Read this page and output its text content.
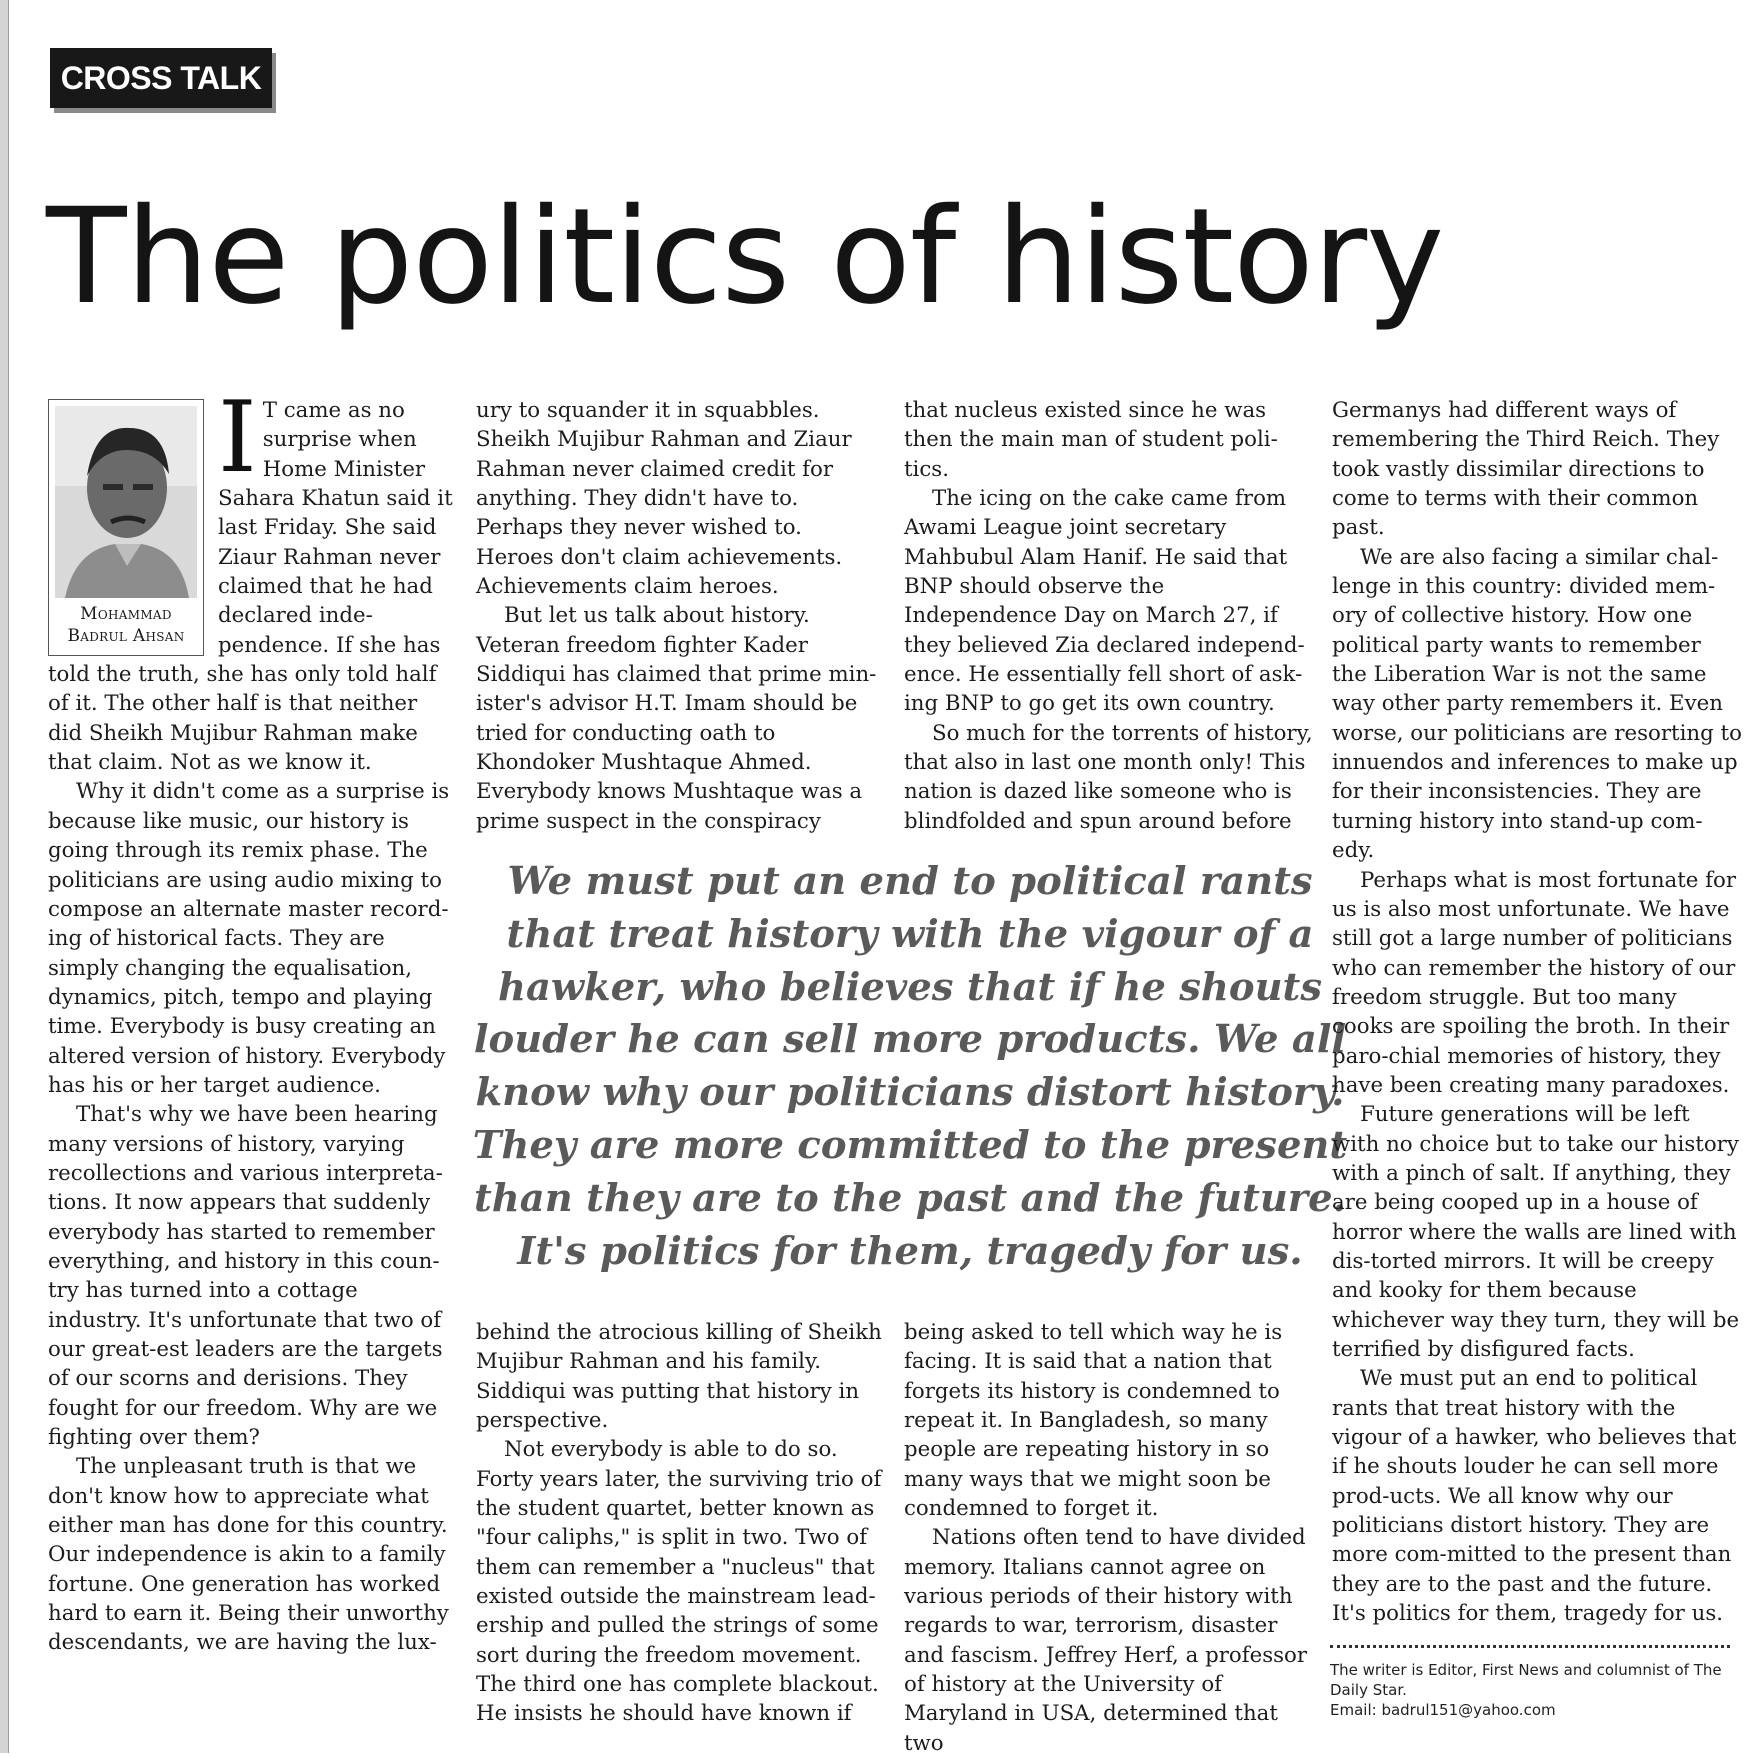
CROSS TALK
The politics of history
Mohammad
Badrul Ahsan
I T came as no surprise when Home Minister Sahara Khatun said it last Friday. She said Ziaur Rahman never claimed that he had declared inde-pendence. If she has told the truth, she has only told half of it. The other half is that neither did Sheikh Mujibur Rahman make that claim. Not as we know it.

Why it didn't come as a surprise is because like music, our history is going through its remix phase. The politicians are using audio mixing to compose an alternate master record-ing of historical facts. They are simply changing the equalisation, dynamics, pitch, tempo and playing time. Everybody is busy creating an altered version of history. Everybody has his or her target audience.

That's why we have been hearing many versions of history, varying recollections and various interpreta-tions. It now appears that suddenly everybody has started to remember everything, and history in this coun-try has turned into a cottage industry. It's unfortunate that two of our great-est leaders are the targets of our scorns and derisions. They fought for our freedom. Why are we fighting over them?

The unpleasant truth is that we don't know how to appreciate what either man has done for this country. Our independence is akin to a family fortune. One generation has worked hard to earn it. Being their unworthy descendants, we are having the lux-

ury to squander it in squabbles. Sheikh Mujibur Rahman and Ziaur Rahman never claimed credit for anything. They didn't have to. Perhaps they never wished to. Heroes don't claim achievements. Achievements claim heroes.

But let us talk about history. Veteran freedom fighter Kader Siddiqui has claimed that prime min-ister's advisor H.T. Imam should be tried for conducting oath to Khondoker Mushtaque Ahmed. Everybody knows Mushtaque was a prime suspect in the conspiracy

that nucleus existed since he was then the main man of student poli-tics.

The icing on the cake came from Awami League joint secretary Mahbubul Alam Hanif. He said that BNP should observe the Independence Day on March 27, if they believed Zia declared independ-ence. He essentially fell short of ask-ing BNP to go get its own country.

So much for the torrents of history, that also in last one month only! This nation is dazed like someone who is blindfolded and spun around before

We must put an end to political rants that treat history with the vigour of a hawker, who believes that if he shouts louder he can sell more products. We all know why our politicians distort history. They are more committed to the present than they are to the past and the future. It's politics for them, tragedy for us.

behind the atrocious killing of Sheikh Mujibur Rahman and his family. Siddiqui was putting that history in perspective.

Not everybody is able to do so. Forty years later, the surviving trio of the student quartet, better known as "four caliphs," is split in two. Two of them can remember a "nucleus" that existed outside the mainstream lead-ership and pulled the strings of some sort during the freedom movement. The third one has complete blackout. He insists he should have known if

being asked to tell which way he is facing. It is said that a nation that forgets its history is condemned to repeat it. In Bangladesh, so many people are repeating history in so many ways that we might soon be condemned to forget it.

Nations often tend to have divided memory. Italians cannot agree on various periods of their history with regards to war, terrorism, disaster and fascism. Jeffrey Herf, a professor of history at the University of Maryland in USA, determined that two

Germanys had different ways of remembering the Third Reich. They took vastly dissimilar directions to come to terms with their common past.

We are also facing a similar chal-lenge in this country: divided mem-ory of collective history. How one political party wants to remember the Liberation War is not the same way other party remembers it. Even worse, our politicians are resorting to innuendos and inferences to make up for their inconsistencies. They are turning history into stand-up com-edy.

Perhaps what is most fortunate for us is also most unfortunate. We have still got a large number of politicians who can remember the history of our freedom struggle. But too many cooks are spoiling the broth. In their paro-chial memories of history, they have been creating many paradoxes.

Future generations will be left with no choice but to take our history with a pinch of salt. If anything, they are being cooped up in a house of horror where the walls are lined with dis-torted mirrors. It will be creepy and kooky for them because whichever way they turn, they will be terrified by disfigured facts.

We must put an end to political rants that treat history with the vigour of a hawker, who believes that if he shouts louder he can sell more prod-ucts. We all know why our politicians distort history. They are more com-mitted to the present than they are to the past and the future. It's politics for them, tragedy for us.

The writer is Editor, First News and columnist of The Daily Star.
Email: badrul151@yahoo.com
